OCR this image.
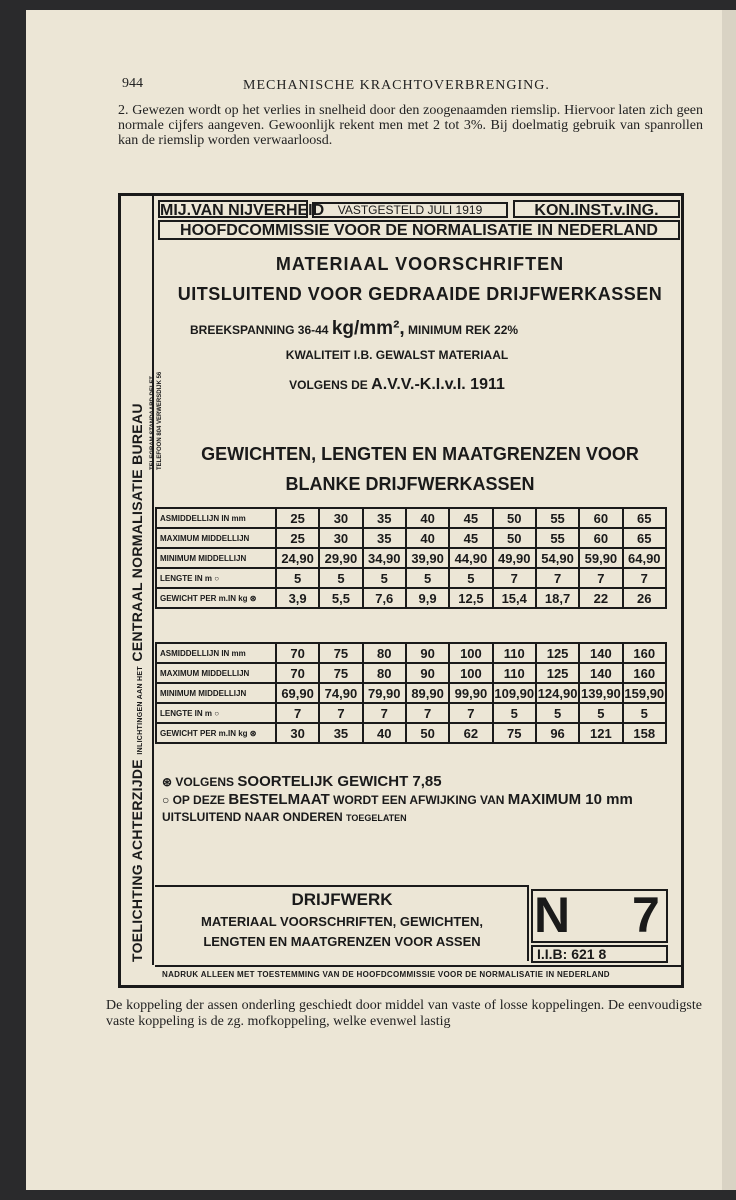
944	MECHANISCHE KRACHTOVERBRENGING.
2. Gewezen wordt op het verlies in snelheid door den zoogenaamden riemslip. Hiervoor laten zich geen normale cijfers aangeven. Gewoonlijk rekent men met 2 tot 3%. Bij doelmatig gebruik van spanrollen kan de riemslip worden verwaarloosd.
TOELICHTING ACHTERZIJDE INLICHTINGEN AAN HET CENTRAAL NORMALISATIE BUREAU TELEGRAM STANDAARD DELFT TELEFOON 804 VERWERSDIJK 56
MIJ.VAN NIJVERHEID	VASTGESTELD JULI 1919	KON.INST.v.ING.
HOOFDCOMMISSIE VOOR DE NORMALISATIE IN NEDERLAND
MATERIAAL VOORSCHRIFTEN
UITSLUITEND VOOR GEDRAAIDE DRIJFWERKASSEN
BREEKSPANNING 36-44 kg/mm², MINIMUM REK 22%
KWALITEIT I.B. GEWALST MATERIAAL
VOLGENS DE A.V.V.-K.I.v.I. 1911
GEWICHTEN, LENGTEN EN MAATGRENZEN VOOR
BLANKE DRIJFWERKASSEN
ASMIDDELLIJN IN mm	25	30	35	40	45	50	55	60	65
MAXIMUM MIDDELLIJN	25	30	35	40	45	50	55	60	65
MINIMUM MIDDELLIJN	24,90	29,90	34,90	39,90	44,90	49,90	54,90	59,90	64,90
LENGTE IN m ○	5	5	5	5	5	7	7	7	7
GEWICHT PER m.IN kg ⊛	3,9	5,5	7,6	9,9	12,5	15,4	18,7	22	26
ASMIDDELLIJN IN mm	70	75	80	90	100	110	125	140	160
MAXIMUM MIDDELLIJN	70	75	80	90	100	110	125	140	160
MINIMUM MIDDELLIJN	69,90	74,90	79,90	89,90	99,90	109,90	124,90	139,90	159,90
LENGTE IN m ○	7	7	7	7	7	5	5	5	5
GEWICHT PER m.IN kg ⊛	30	35	40	50	62	75	96	121	158
⊛ VOLGENS SOORTELIJK GEWICHT 7,85
○ OP DEZE BESTELMAAT WORDT EEN AFWIJKING VAN MAXIMUM 10 mm
UITSLUITEND NAAR ONDEREN TOEGELATEN
DRIJFWERK
MATERIAAL VOORSCHRIFTEN, GEWICHTEN,
LENGTEN EN MAATGRENZEN VOOR ASSEN	N 7
I.I.B: 621 8
NADRUK ALLEEN MET TOESTEMMING VAN DE HOOFDCOMMISSIE VOOR DE NORMALISATIE IN NEDERLAND
De koppeling der assen onderling geschiedt door middel van vaste of losse koppelingen. De eenvoudigste vaste koppeling is de zg. mofkoppeling, welke evenwel lastig
